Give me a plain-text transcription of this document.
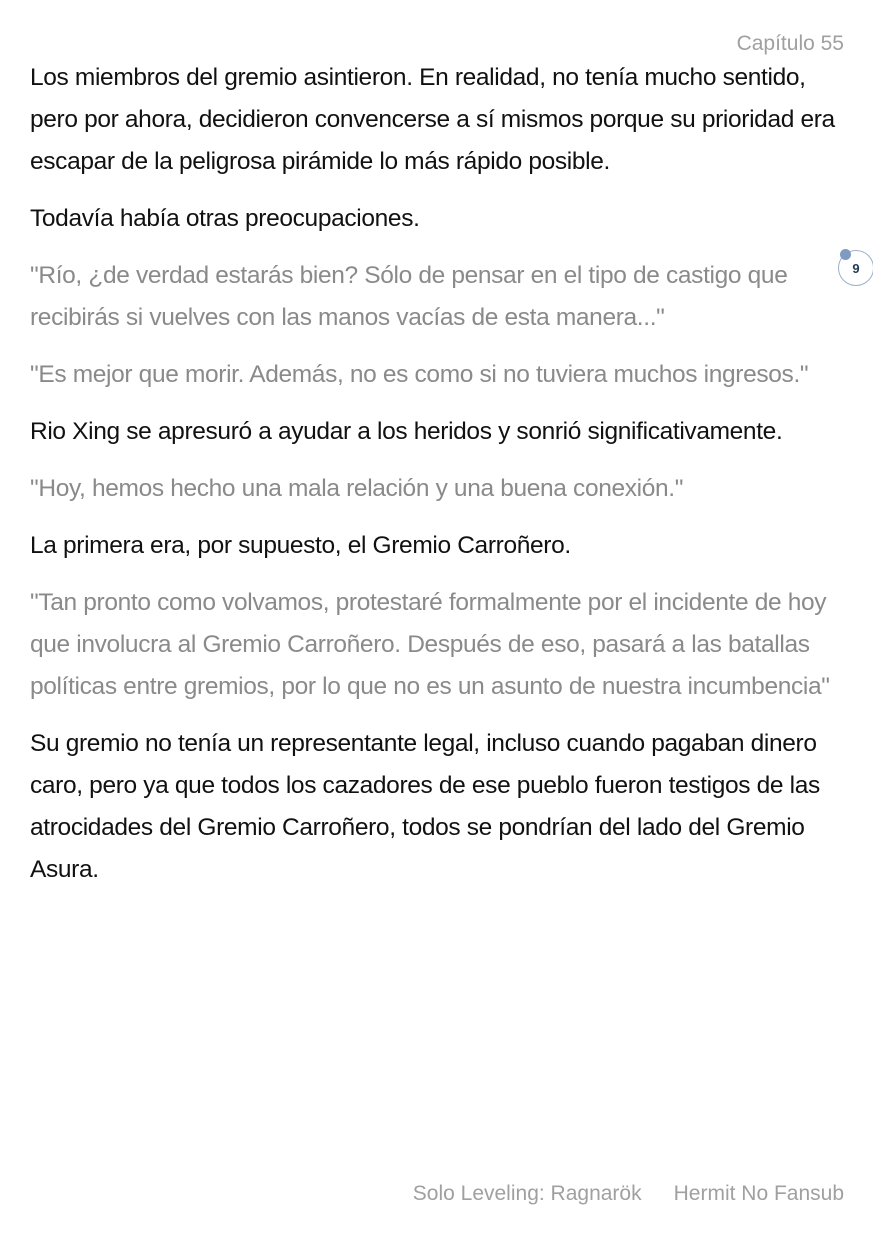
Capítulo 55

Los miembros del gremio asintieron. En realidad, no tenía mucho sentido, pero por ahora, decidieron convencerse a sí mismos porque su prioridad era escapar de la peligrosa pirámide lo más rápido posible.

Todavía había otras preocupaciones.

"Río, ¿de verdad estarás bien? Sólo de pensar en el tipo de castigo que recibirás si vuelves con las manos vacías de esta manera..."

"Es mejor que morir. Además, no es como si no tuviera muchos ingresos."

Rio Xing se apresuró a ayudar a los heridos y sonrió significativamente.

"Hoy, hemos hecho una mala relación y una buena conexión."

La primera era, por supuesto, el Gremio Carroñero.

"Tan pronto como volvamos, protestaré formalmente por el incidente de hoy que involucra al Gremio Carroñero. Después de eso, pasará a las batallas políticas entre gremios, por lo que no es un asunto de nuestra incumbencia"

Su gremio no tenía un representante legal, incluso cuando pagaban dinero caro, pero ya que todos los cazadores de ese pueblo fueron testigos de las atrocidades del Gremio Carroñero, todos se pondrían del lado del Gremio Asura.

9
Solo Leveling: Ragnarök Hermit No Fansub
